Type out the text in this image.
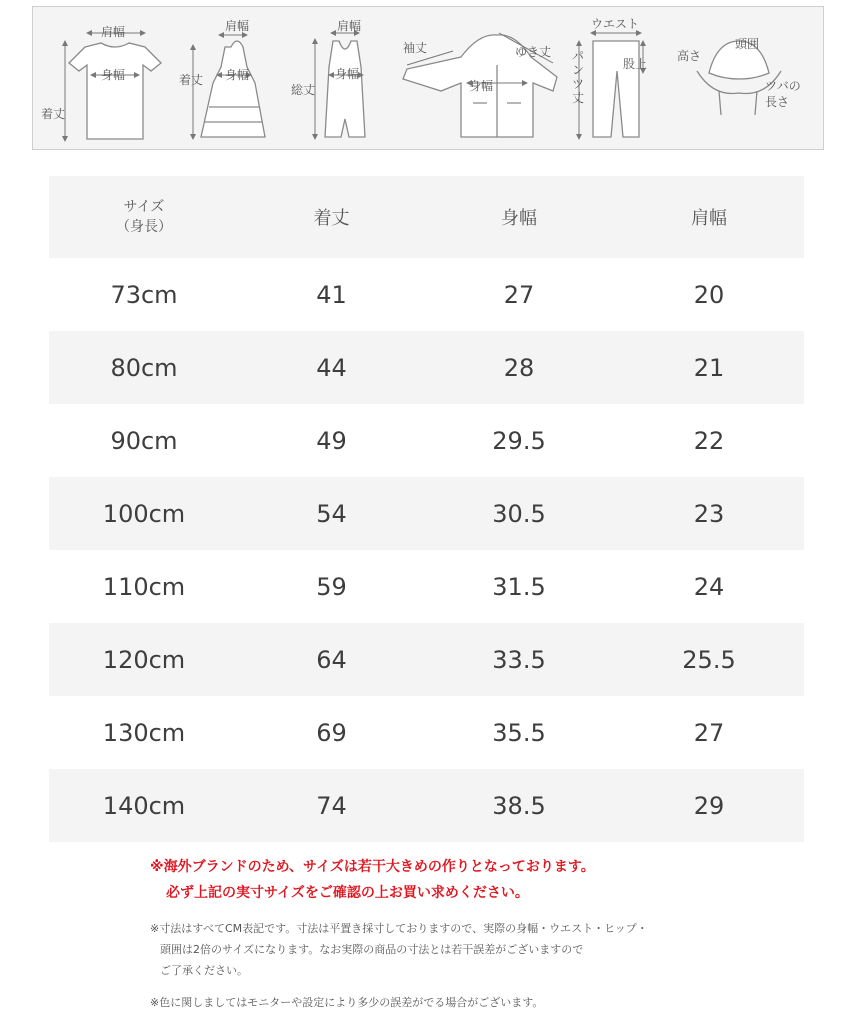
肩幅
身幅
着丈
肩幅
身幅
着丈
肩幅
身幅
総丈
袖丈	ゆき丈
身幅
ウエスト
パンツ丈
股上
高さ
頭囲
ツバの
長さ
サイズ
（身長）	着丈	身幅	肩幅
73cm	41	27	20
80cm	44	28	21
90cm	49	29.5	22
100cm	54	30.5	23
110cm	59	31.5	24
120cm	64	33.5	25.5
130cm	69	35.5	27
140cm	74	38.5	29
※海外ブランドのため、サイズは若干大きめの作りとなっております。
必ず上記の実寸サイズをご確認の上お買い求めください。
※寸法はすべてCM表記です。寸法は平置き採寸しておりますので、実際の身幅・ウエスト・ヒップ・
頭囲は2倍のサイズになります。なお実際の商品の寸法とは若干誤差がございますので
ご了承ください。
※色に関しましてはモニターや設定により多少の誤差がでる場合がございます。
